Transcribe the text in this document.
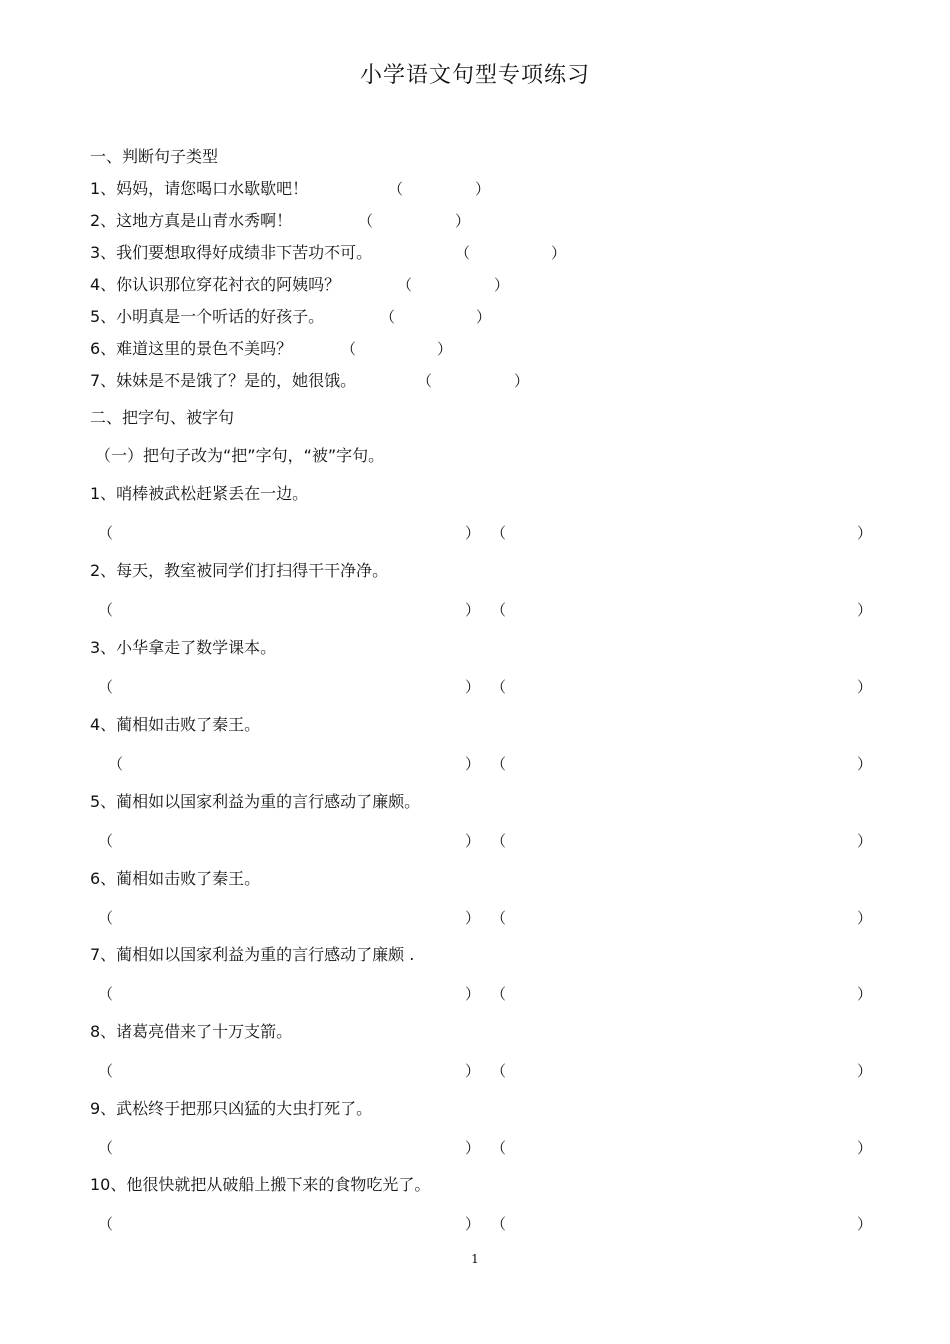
小学语文句型专项练习
一、判断句子类型
1、妈妈，请您喝口水歇歇吧！	（	）
2、这地方真是山青水秀啊！	（	）
3、我们要想取得好成绩非下苦功不可。	（	）
4、你认识那位穿花衬衣的阿姨吗？	（	）
5、小明真是一个听话的好孩子。	（	）
6、难道这里的景色不美吗？	（	）
7、妹妹是不是饿了？是的，她很饿。	（	）
二、把字句、被字句
（一）把句子改为“把”字句，“被”字句。
1、哨棒被武松赶紧丢在一边。
（	） （	）
2、每天，教室被同学们打扫得干干净净。
（	） （	）
3、小华拿走了数学课本。
（	） （	）
4、蔺相如击败了秦王。
（	） （	）
5、蔺相如以国家利益为重的言行感动了廉颇。
（	） （	）
6、蔺相如击败了秦王。
（	） （	）
7、蔺相如以国家利益为重的言行感动了廉颇 .
（	） （	）
8、诸葛亮借来了十万支箭。
（	） （	）
9、武松终于把那只凶猛的大虫打死了。
（	） （	）
10、他很快就把从破船上搬下来的食物吃光了。
（	） （	）
1
